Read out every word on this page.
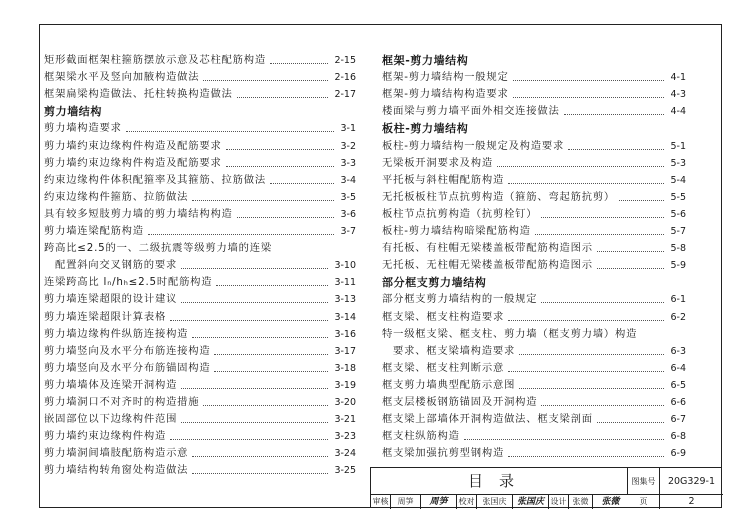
矩形截面框架柱箍筋摆放示意及芯柱配筋构造	2-15
框架梁水平及竖向加腋构造做法	2-16
框架扁梁构造做法、托柱转换构造做法	2-17
剪力墙结构
剪力墙构造要求	3-1
剪力墙约束边缘构件构造及配筋要求	3-2
剪力墙约束边缘构件构造及配筋要求	3-3
约束边缘构件体积配箍率及其箍筋、拉筋做法	3-4
约束边缘构件箍筋、拉筋做法	3-5
具有较多短肢剪力墙的剪力墙结构构造	3-6
剪力墙连梁配筋构造	3-7
跨高比≤2.5的一、二级抗震等级剪力墙的连梁
配置斜向交叉钢筋的要求	3-10
连梁跨高比 lₙ/hₕ≤2.5时配筋构造	3-11
剪力墙连梁超限的设计建议	3-13
剪力墙连梁超限计算表格	3-14
剪力墙边缘构件纵筋连接构造	3-16
剪力墙竖向及水平分布筋连接构造	3-17
剪力墙竖向及水平分布筋锚固构造	3-18
剪力墙墙体及连梁开洞构造	3-19
剪力墙洞口不对齐时的构造措施	3-20
嵌固部位以下边缘构件范围	3-21
剪力墙约束边缘构件构造	3-23
剪力墙洞间墙肢配筋构造示意	3-24
剪力墙结构转角窗处构造做法	3-25
框架-剪力墙结构
框架-剪力墙结构一般规定	4-1
框架-剪力墙结构构造要求	4-3
楼面梁与剪力墙平面外相交连接做法	4-4
板柱-剪力墙结构
板柱-剪力墙结构一般规定及构造要求	5-1
无梁板开洞要求及构造	5-3
平托板与斜柱帽配筋构造	5-4
无托板板柱节点抗剪构造（箍筋、弯起筋抗剪）	5-5
板柱节点抗剪构造（抗剪栓钉）	5-6
板柱-剪力墙结构暗梁配筋构造	5-7
有托板、有柱帽无梁楼盖板带配筋构造图示	5-8
无托板、无柱帽无梁楼盖板带配筋构造图示	5-9
部分框支剪力墙结构
部分框支剪力墙结构的一般规定	6-1
框支梁、框支柱构造要求	6-2
特一级框支梁、框支柱、剪力墙（框支剪力墙）构造
要求、框支梁墙构造要求	6-3
框支梁、框支柱判断示意	6-4
框支剪力墙典型配筋示意图	6-5
框支层楼板钢筋锚固及开洞构造	6-6
框支梁上部墙体开洞构造做法、框支梁剖面	6-7
框支柱纵筋构造	6-8
框支梁加强抗剪型钢构造	6-9
目录	图集号	20G329-1
审核	周笋	周笋	校对	张国庆	张国庆 设计 张微	张微	页	2
